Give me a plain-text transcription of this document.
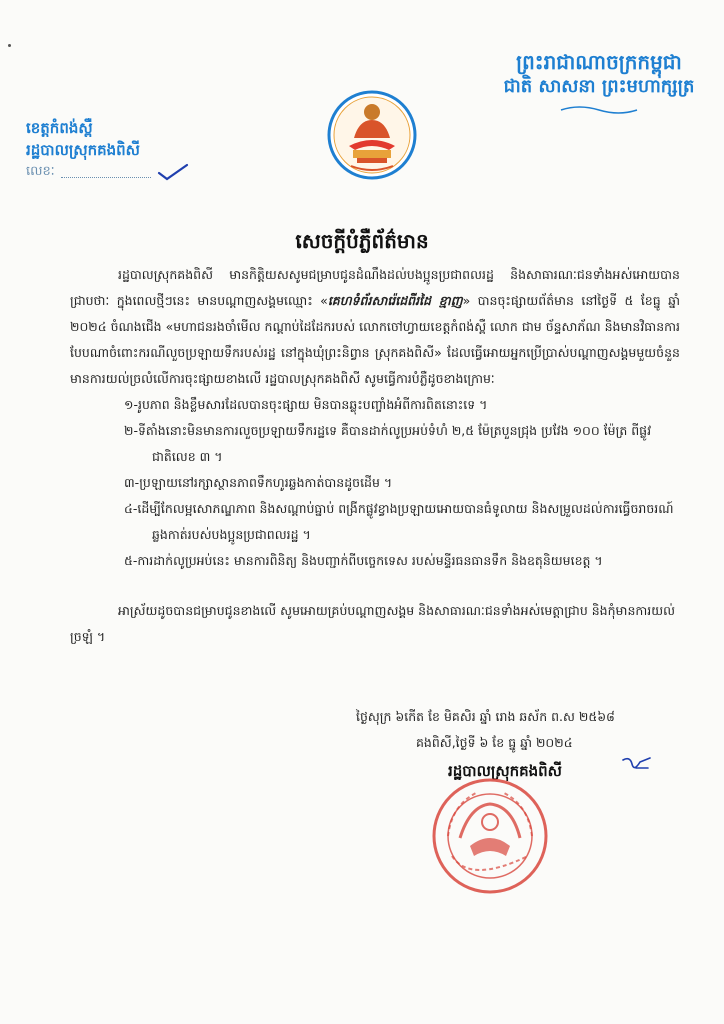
ព្រះរាជាណាចក្រកម្ពុជា
ជាតិ សាសនា ព្រះមហាក្សត្រ
ខេត្តកំពង់ស្ពឺ
រដ្ឋបាលស្រុកគងពិសី
លេខៈ
សេចក្ដីបំភ្លឺព័ត៌មាន

រដ្ឋបាលស្រុកគងពិសី មានកិត្តិយសសូមជម្រាបជូនដំណឹងដល់បងប្អូនប្រជាពលរដ្ឋ និងសាធារណៈជនទាំងអស់អោយបានជ្រាបថាៈ ក្នុងពេលថ្មីៗនេះ មានបណ្ដាញសង្គមឈ្មោះ «គេហទំព័រសារ៉េដេពីរដៃ ខ្មាញ» បានចុះផ្សាយព័ត៌មាន នៅថ្ងៃទី ៥ ខែធ្នូ ឆ្នាំ ២០២៤ ចំណងជើង «មហាជនរងចាំមើល កណ្ដាប់ដៃដែករបស់ លោកចៅហ្វាយខេត្តកំពង់ស្ពឺ លោក ជាម ច័ន្ទសាភ័ណ និងមានវិធានការបែបណាចំពោះករណីលួចប្រឡាយទឹករបស់រដ្ឋ នៅក្នុងឃុំព្រះនិព្វាន ស្រុកគងពិសី» ដែលធ្វើអោយអ្នកប្រើប្រាស់បណ្ដាញសង្គមមួយចំនួនមានការយល់ច្រលំលើការចុះផ្សាយខាងលើ រដ្ឋបាលស្រុកគងពិសី សូមធ្វើការបំភ្លឺដូចខាងក្រោមៈ

១-រូបភាព និងខ្លឹមសារដែលបានចុះផ្សាយ មិនបានឆ្លុះបញ្ចាំងអំពីការពិតនោះទេ ។
២-ទីតាំងនោះមិនមានការលួចប្រឡាយទឹករដ្ឋទេ គឺបានដាក់លូប្រអប់ទំហំ ២,៥ ម៉ែត្របួនជ្រុង ប្រវែង ១០០ ម៉ែត្រ ពីផ្លូវជាតិលេខ ៣ ។
៣-ប្រឡាយនៅរក្សាស្ថានភាពទឹកហូរឆ្លងកាត់បានដូចដើម ។
៤-ដើម្បីកែលម្អសោភណ្ឌភាព និងសណ្ដាប់ធ្នាប់ ពង្រីកផ្លូវខ្វាងប្រឡាយអោយបានធំទូលាយ និងសម្រួលដល់ការធ្វើចរាចរណ៍ឆ្លងកាត់របស់បងប្អូនប្រជាពលរដ្ឋ ។
៥-ការដាក់លូប្រអប់នេះ មានការពិនិត្យ និងបញ្ជាក់ពីបច្ចេកទេស របស់មន្ទីរធនធានទឹក និងឧតុនិយមខេត្ត ។

អាស្រ័យដូចបានជម្រាបជូនខាងលើ សូមអោយគ្រប់បណ្ដាញសង្គម និងសាធារណៈជនទាំងអស់មេត្តាជ្រាប និងកុំមានការយល់ច្រឡំ ។

ថ្ងៃសុក្រ ៦កើត ខែ មិគសិរ ឆ្នាំ រោង ឆស័ក ព.ស ២៥៦៨
គងពិសី,ថ្ងៃទី ៦ ខែ ធ្នូ ឆ្នាំ ២០២៤
រដ្ឋបាលស្រុកគងពិសី
